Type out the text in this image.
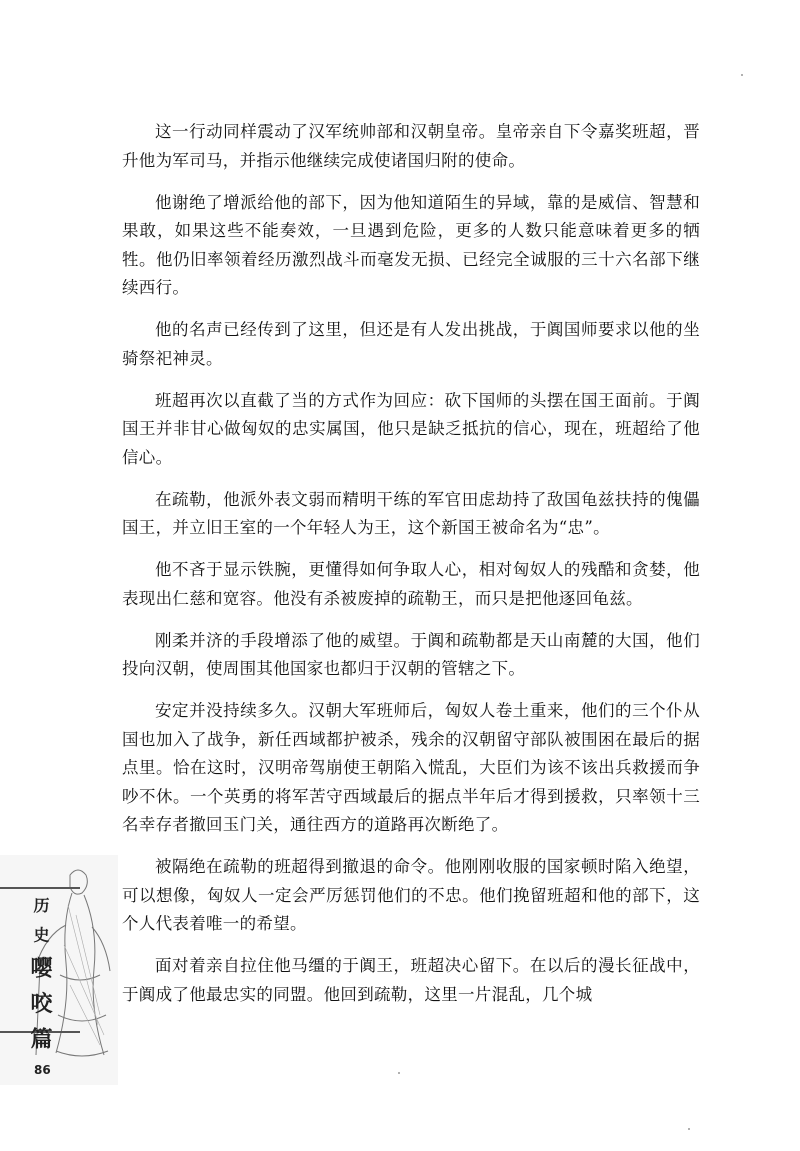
这一行动同样震动了汉军统帅部和汉朝皇帝。皇帝亲自下令嘉奖班超，晋升他为军司马，并指示他继续完成使诸国归附的使命。

他谢绝了增派给他的部下，因为他知道陌生的异域，靠的是威信、智慧和果敢，如果这些不能奏效，一旦遇到危险，更多的人数只能意味着更多的牺牲。他仍旧率领着经历激烈战斗而毫发无损、已经完全诚服的三十六名部下继续西行。

他的名声已经传到了这里，但还是有人发出挑战，于阗国师要求以他的坐骑祭祀神灵。

班超再次以直截了当的方式作为回应：砍下国师的头摆在国王面前。于阗国王并非甘心做匈奴的忠实属国，他只是缺乏抵抗的信心，现在，班超给了他信心。

在疏勒，他派外表文弱而精明干练的军官田虑劫持了敌国龟兹扶持的傀儡国王，并立旧王室的一个年轻人为王，这个新国王被命名为“忠”。

他不吝于显示铁腕，更懂得如何争取人心，相对匈奴人的残酷和贪婪，他表现出仁慈和宽容。他没有杀被废掉的疏勒王，而只是把他逐回龟兹。

刚柔并济的手段增添了他的威望。于阗和疏勒都是天山南麓的大国，他们投向汉朝，使周围其他国家也都归于汉朝的管辖之下。

安定并没持续多久。汉朝大军班师后，匈奴人卷土重来，他们的三个仆从国也加入了战争，新任西域都护被杀，残余的汉朝留守部队被围困在最后的据点里。恰在这时，汉明帝驾崩使王朝陷入慌乱，大臣们为该不该出兵救援而争吵不休。一个英勇的将军苦守西域最后的据点半年后才得到援救，只率领十三名幸存者撤回玉门关，通往西方的道路再次断绝了。

被隔绝在疏勒的班超得到撤退的命令。他刚刚收服的国家顿时陷入绝望，可以想像，匈奴人一定会严厉惩罚他们的不忠。他们挽留班超和他的部下，这个人代表着唯一的希望。

面对着亲自拉住他马缰的于阗王，班超决心留下。在以后的漫长征战中，于阗成了他最忠实的同盟。他回到疏勒，这里一片混乱，几个城

历 史 嘤 咬 篇
86
